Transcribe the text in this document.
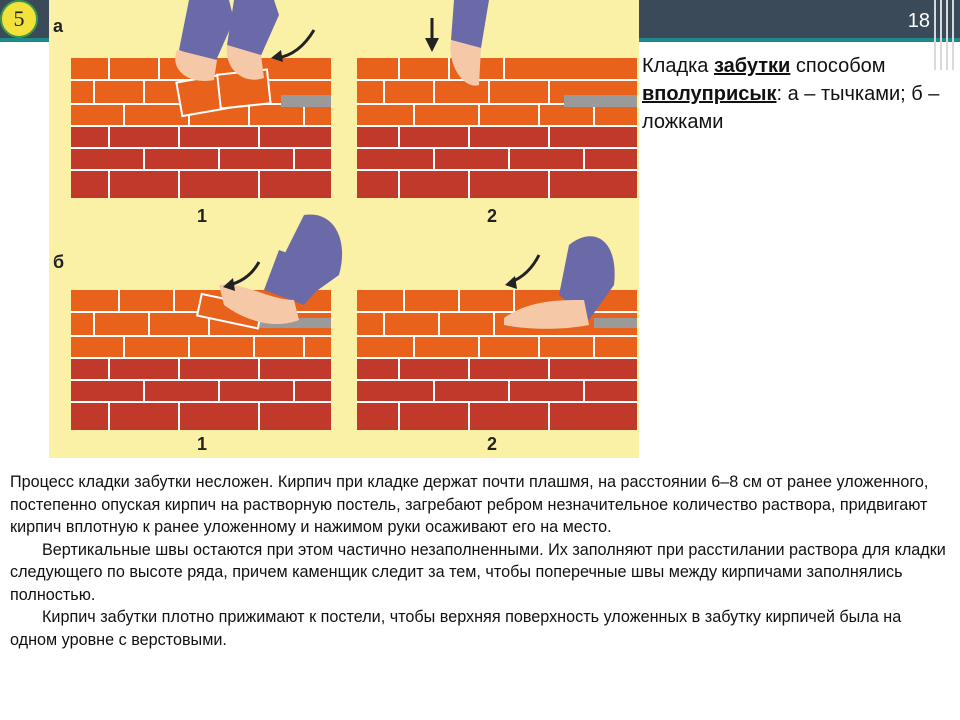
18
а
б
1	2
1	2
5
Кладка забутки способом вполуприсык: а – тычками; б – ложками

Процесс кладки забутки несложен. Кирпич при кладке держат почти плашмя, на расстоянии 6–8 см от ранее уложенного, постепенно опуская кирпич на растворную постель, загребают ребром незначительное количество раствора, придвигают кирпич вплотную к ранее уложенному и нажимом руки осаживают его на место.

Вертикальные швы остаются при этом частично незаполненными. Их заполняют при расстилании раствора для кладки следующего по высоте ряда, причем каменщик следит за тем, чтобы поперечные швы между кирпичами заполнялись полностью.

Кирпич забутки плотно прижимают к постели, чтобы верхняя поверхность уложенных в забутку кирпичей была на одном уровне с верстовыми.
